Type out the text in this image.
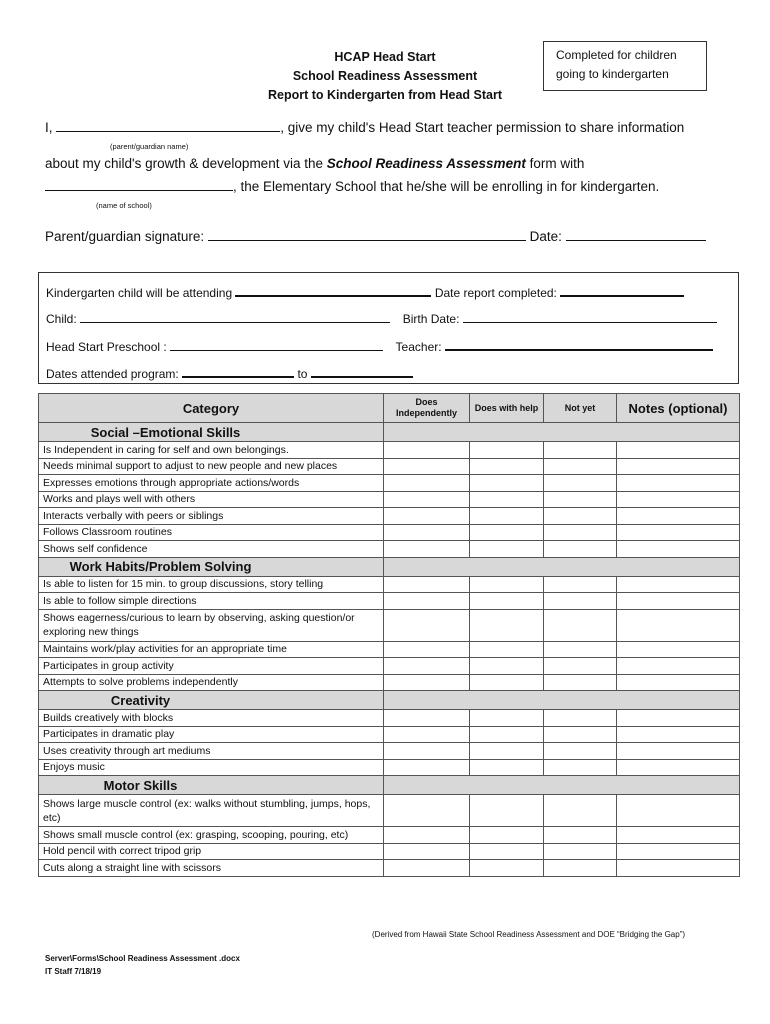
HCAP Head Start
School Readiness Assessment
Report to Kindergarten from Head Start
Completed for children
going to kindergarten
I,	, give my child's Head Start teacher permission to share information
(parent/guardian name)
about my child's growth & development via the School Readiness Assessment form with
, the Elementary School that he/she will be enrolling in for kindergarten.
(name of school)
Parent/guardian signature:	Date:
Kindergarten child will be attending	Date report completed:
Child:	Birth Date:
Head Start Preschool :	Teacher:
Dates attended program:	to
Category	Does Independently	Does with help	Not yet	Notes (optional)
Social –Emotional Skills				
Is Independent in caring for self and own belongings.				
Needs minimal support to adjust to new people and new places				
Expresses emotions through appropriate actions/words				
Works and plays well with others				
Interacts verbally with peers or siblings				
Follows Classroom routines				
Shows self confidence				
Work Habits/Problem Solving				
Is able to listen for 15 min. to group discussions, story telling				
Is able to follow simple directions				
Shows eagerness/curious to learn by observing, asking question/or exploring new things				
Maintains work/play activities for an appropriate time				
Participates in group activity				
Attempts to solve problems independently				
Creativity				
Builds creatively with blocks				
Participates in dramatic play				
Uses creativity through art mediums				
Enjoys music				
Motor Skills				
Shows large muscle control (ex: walks without stumbling, jumps, hops, etc)				
Shows small muscle control (ex: grasping, scooping, pouring, etc)				
Hold pencil with correct tripod grip				
Cuts along a straight line with scissors				
(Derived from Hawaii State School Readiness Assessment and DOE “Bridging the Gap”)
Server\Forms\School Readiness Assessment .docx
IT Staff 7/18/19
